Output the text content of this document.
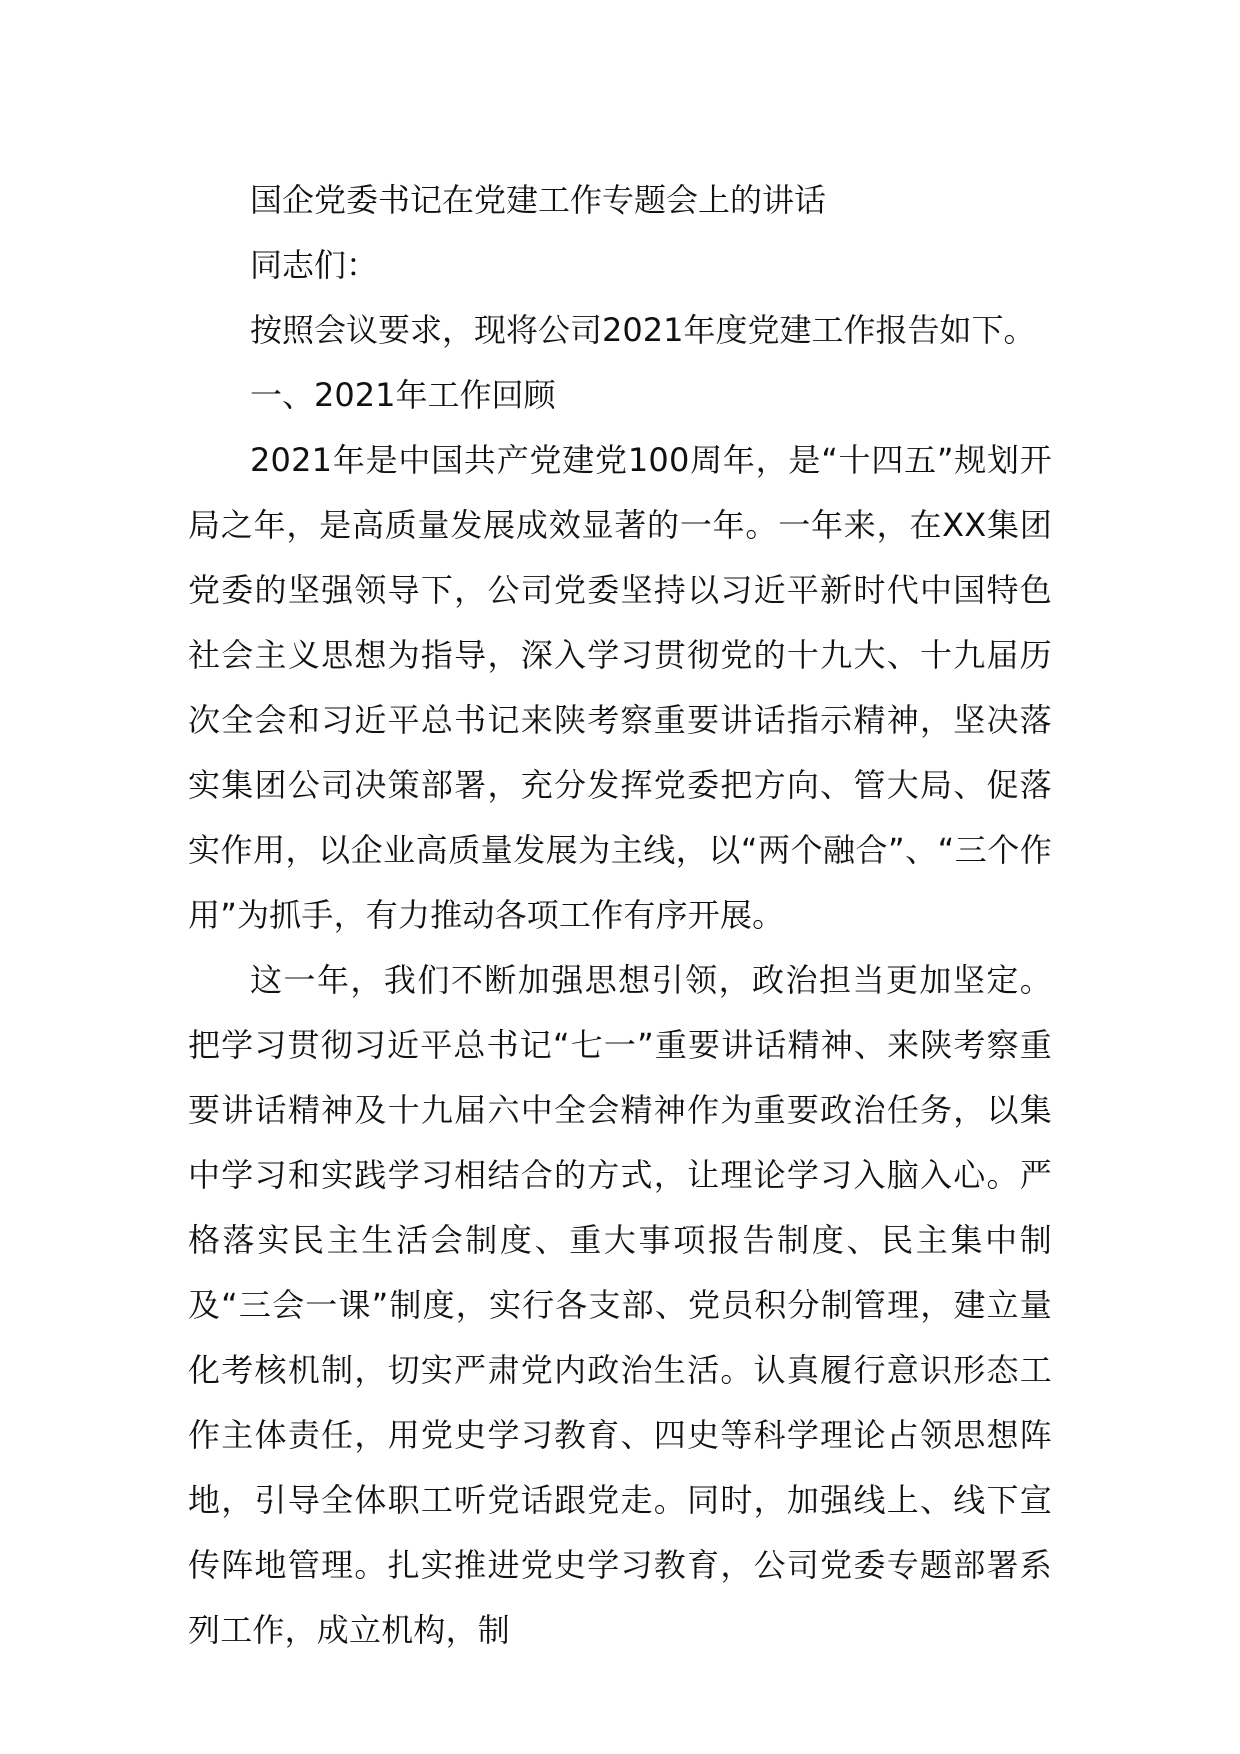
国企党委书记在党建工作专题会上的讲话

同志们：

按照会议要求，现将公司2021年度党建工作报告如下。

一、2021年工作回顾

2021年是中国共产党建党100周年，是“十四五”规划开局之年，是高质量发展成效显著的一年。一年来，在XX集团党委的坚强领导下，公司党委坚持以习近平新时代中国特色社会主义思想为指导，深入学习贯彻党的十九大、十九届历次全会和习近平总书记来陕考察重要讲话指示精神，坚决落实集团公司决策部署，充分发挥党委把方向、管大局、促落实作用，以企业高质量发展为主线，以“两个融合”、“三个作用”为抓手，有力推动各项工作有序开展。

这一年，我们不断加强思想引领，政治担当更加坚定。把学习贯彻习近平总书记“七一”重要讲话精神、来陕考察重要讲话精神及十九届六中全会精神作为重要政治任务，以集中学习和实践学习相结合的方式，让理论学习入脑入心。严格落实民主生活会制度、重大事项报告制度、民主集中制及“三会一课”制度，实行各支部、党员积分制管理，建立量化考核机制，切实严肃党内政治生活。认真履行意识形态工作主体责任，用党史学习教育、四史等科学理论占领思想阵地，引导全体职工听党话跟党走。同时，加强线上、线下宣传阵地管理。扎实推进党史学习教育，公司党委专题部署系列工作，成立机构，制
